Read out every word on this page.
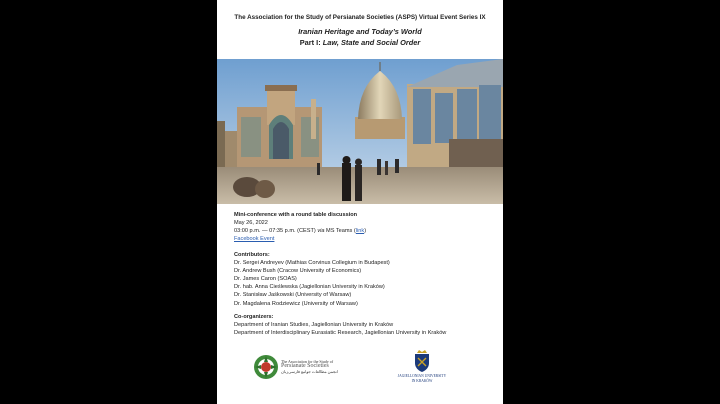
The Association for the Study of Persianate Societies (ASPS) Virtual Event Series IX
Iranian Heritage and Today’s World
Part I: Law, State and Social Order
Mini-conference with a round table discussion
May 26, 2022
03:00 p.m. — 07:35 p.m. (CEST) via MS Teams (link)
Facebook Event
Contributors:
Dr. Sergei Andreyev (Mathias Corvinus Collegium in Budapest)
Dr. Andrew Bush (Cracow University of Economics)
Dr. James Caron (SOAS)
Dr. hab. Anna Cieślewska (Jagiellonian University in Kraków)
Dr. Stanisław Jaśkowski (University of Warsaw)
Dr. Magdalena Rodziewicz (University of Warsaw)
Co-organizers:
Department of Iranian Studies, Jagiellonian University in Kraków
Department of Interdisciplinary Eurasiatic Research, Jagiellonian University in Kraków
The Association for the Study of
Persianate Societies
انجمن مطالعات جوامع فارسی‌زبان
JAGIELLONIAN UNIVERSITY
IN KRAKÓW
